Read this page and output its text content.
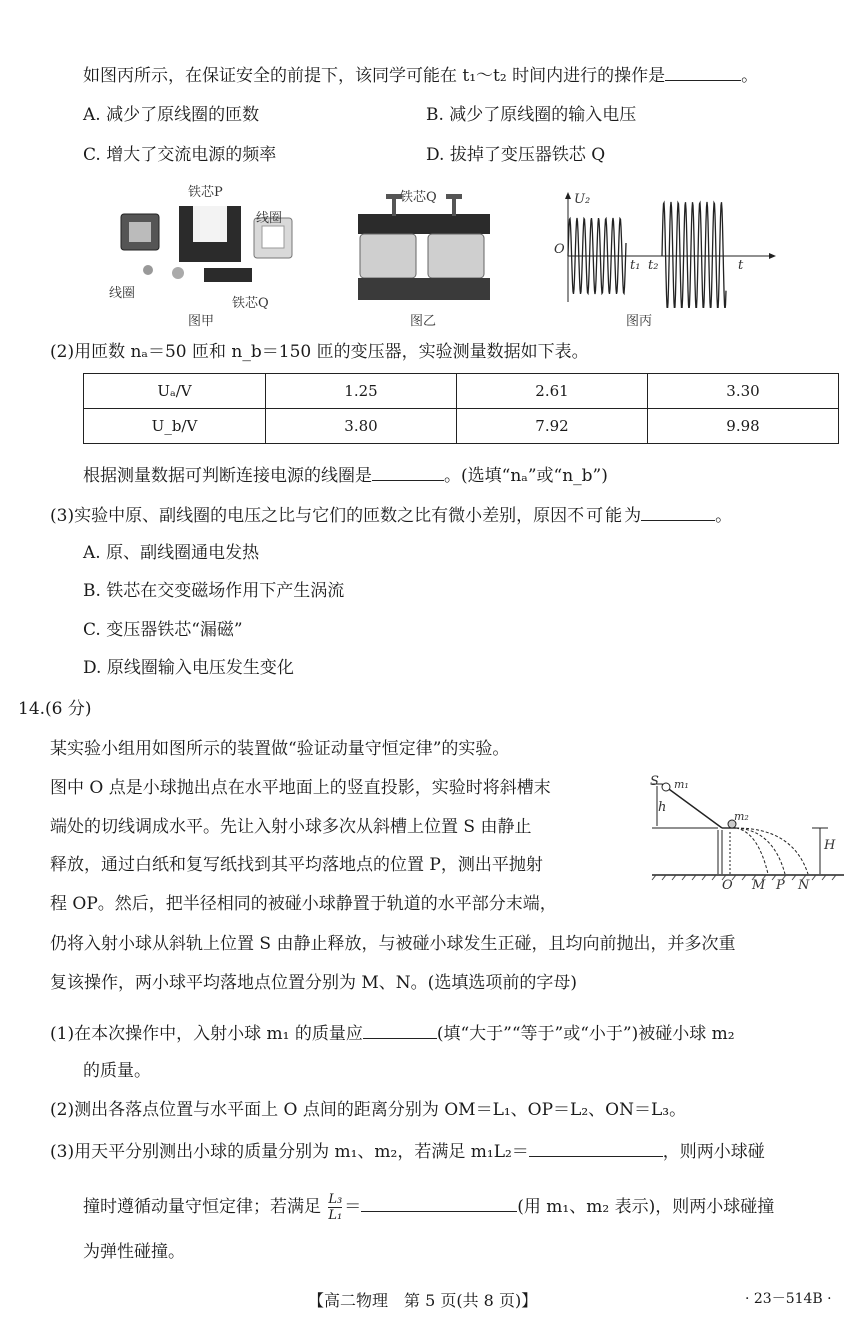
如图丙所示，在保证安全的前提下，该同学可能在 t₁～t₂ 时间内进行的操作是	。
A. 减少了原线圈的匝数	B. 减少了原线圈的输入电压
C. 增大了交流电源的频率	D. 拔掉了变压器铁芯 Q
铁芯P
线圈
线圈
铁芯Q
图甲
铁芯Q
图乙
U₂
O
t₁ t₂	t
图丙
(2)用匝数 nₐ＝50 匝和 n_b＝150 匝的变压器，实验测量数据如下表。
Uₐ/V	1.25	2.61	3.30
U_b/V	3.80	7.92	9.98
根据测量数据可判断连接电源的线圈是	。(选填“nₐ”或“n_b”)
(3)实验中原、副线圈的电压之比与它们的匝数之比有微小差别，原因不可能为	。
A. 原、副线圈通电发热
B. 铁芯在交变磁场作用下产生涡流
C. 变压器铁芯“漏磁”
D. 原线圈输入电压发生变化
14.(6 分)
某实验小组用如图所示的装置做“验证动量守恒定律”的实验。
图中 O 点是小球抛出点在水平地面上的竖直投影，实验时将斜槽末
端处的切线调成水平。先让入射小球多次从斜槽上位置 S 由静止
释放，通过白纸和复写纸找到其平均落地点的位置 P，测出平抛射
程 OP。然后，把半径相同的被碰小球静置于轨道的水平部分末端，
仍将入射小球从斜轨上位置 S 由静止释放，与被碰小球发生正碰，且均向前抛出，并多次重
复该操作，两小球平均落地点位置分别为 M、N。(选填选项前的字母)
S m₁
m₂
h
H
O M P N
(1)在本次操作中，入射小球 m₁ 的质量应	(填“大于”“等于”或“小于”)被碰小球 m₂
的质量。
(2)测出各落点位置与水平面上 O 点间的距离分别为 OM＝L₁、OP＝L₂、ON＝L₃。
(3)用天平分别测出小球的质量分别为 m₁、m₂，若满足 m₁L₂＝	，则两小球碰
撞时遵循动量守恒定律；若满足 $\frac{\text{L₃}}{\text{L₁}}$ ＝	(用 m₁、m₂ 表示)，则两小球碰撞
为弹性碰撞。
【高二物理　第 5 页(共 8 页)】	· 23－514B ·
